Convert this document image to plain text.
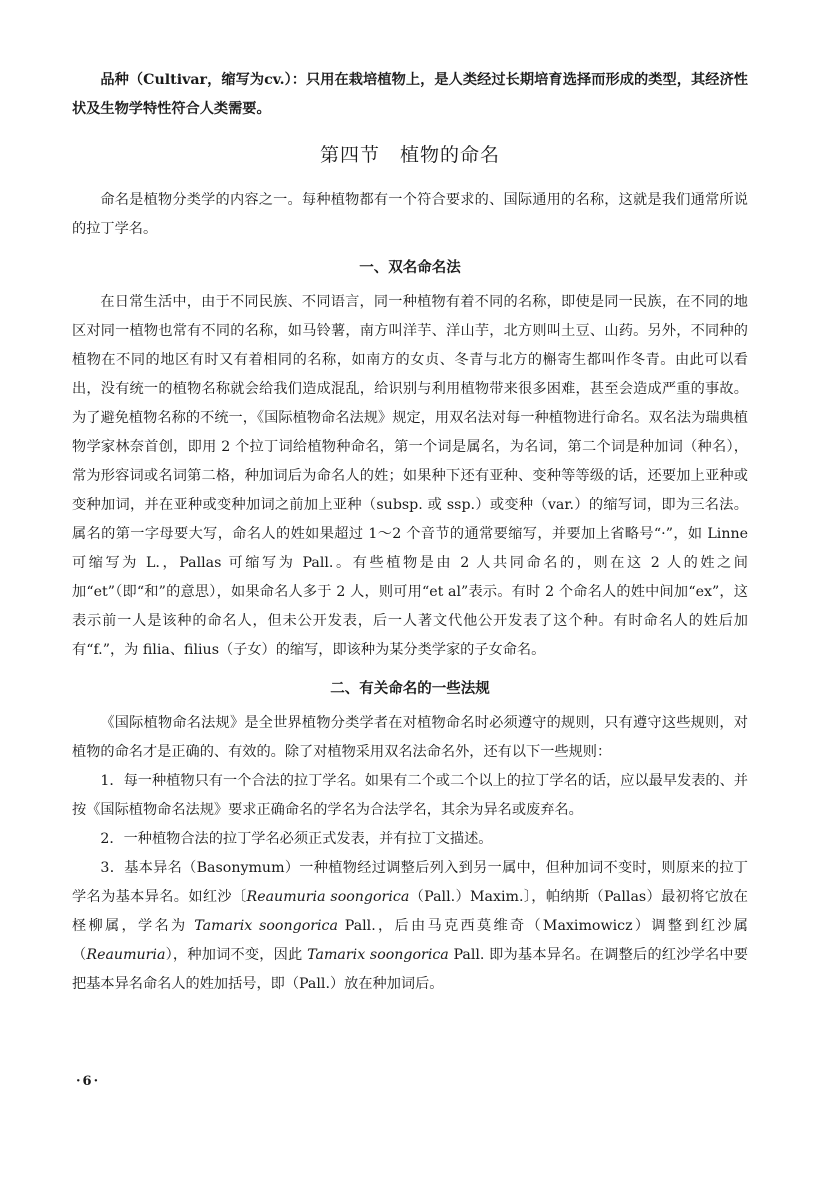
品种（Cultivar，缩写为cv.）：只用在栽培植物上，是人类经过长期培育选择而形成的类型，其经济性状及生物学特性符合人类需要。

第四节　植物的命名

命名是植物分类学的内容之一。每种植物都有一个符合要求的、国际通用的名称，这就是我们通常所说的拉丁学名。

一、双名命名法

在日常生活中，由于不同民族、不同语言，同一种植物有着不同的名称，即使是同一民族，在不同的地区对同一植物也常有不同的名称，如马铃薯，南方叫洋芋、洋山芋，北方则叫土豆、山药。另外，不同种的植物在不同的地区有时又有着相同的名称，如南方的女贞、冬青与北方的槲寄生都叫作冬青。由此可以看出，没有统一的植物名称就会给我们造成混乱，给识别与利用植物带来很多困难，甚至会造成严重的事故。为了避免植物名称的不统一，《国际植物命名法规》规定，用双名法对每一种植物进行命名。双名法为瑞典植物学家林奈首创，即用 2 个拉丁词给植物种命名，第一个词是属名，为名词，第二个词是种加词（种名），常为形容词或名词第二格，种加词后为命名人的姓；如果种下还有亚种、变种等等级的话，还要加上亚种或变种加词，并在亚种或变种加词之前加上亚种（subsp. 或 ssp.）或变种（var.）的缩写词，即为三名法。属名的第一字母要大写，命名人的姓如果超过 1～2 个音节的通常要缩写，并要加上省略号“·”，如 Linne 可缩写为 L.，Pallas 可缩写为 Pall.。有些植物是由 2 人共同命名的，则在这 2 人的姓之间加“et”（即“和”的意思），如果命名人多于 2 人，则可用“et al”表示。有时 2 个命名人的姓中间加“ex”，这表示前一人是该种的命名人，但未公开发表，后一人著文代他公开发表了这个种。有时命名人的姓后加有“f.”，为 filia、filius（子女）的缩写，即该种为某分类学家的子女命名。

二、有关命名的一些法规

《国际植物命名法规》是全世界植物分类学者在对植物命名时必须遵守的规则，只有遵守这些规则，对植物的命名才是正确的、有效的。除了对植物采用双名法命名外，还有以下一些规则：

1．每一种植物只有一个合法的拉丁学名。如果有二个或二个以上的拉丁学名的话，应以最早发表的、并按《国际植物命名法规》要求正确命名的学名为合法学名，其余为异名或废弃名。

2．一种植物合法的拉丁学名必须正式发表，并有拉丁文描述。

3．基本异名（Basonymum）一种植物经过调整后列入到另一属中，但种加词不变时，则原来的拉丁学名为基本异名。如红沙〔Reaumuria soongorica（Pall.）Maxim.〕，帕纳斯（Pallas）最初将它放在柽柳属，学名为 Tamarix soongorica Pall.，后由马克西莫维奇（Maximowicz）调整到红沙属（Reaumuria），种加词不变，因此 Tamarix soongorica Pall. 即为基本异名。在调整后的红沙学名中要把基本异名命名人的姓加括号，即（Pall.）放在种加词后。

·6·
